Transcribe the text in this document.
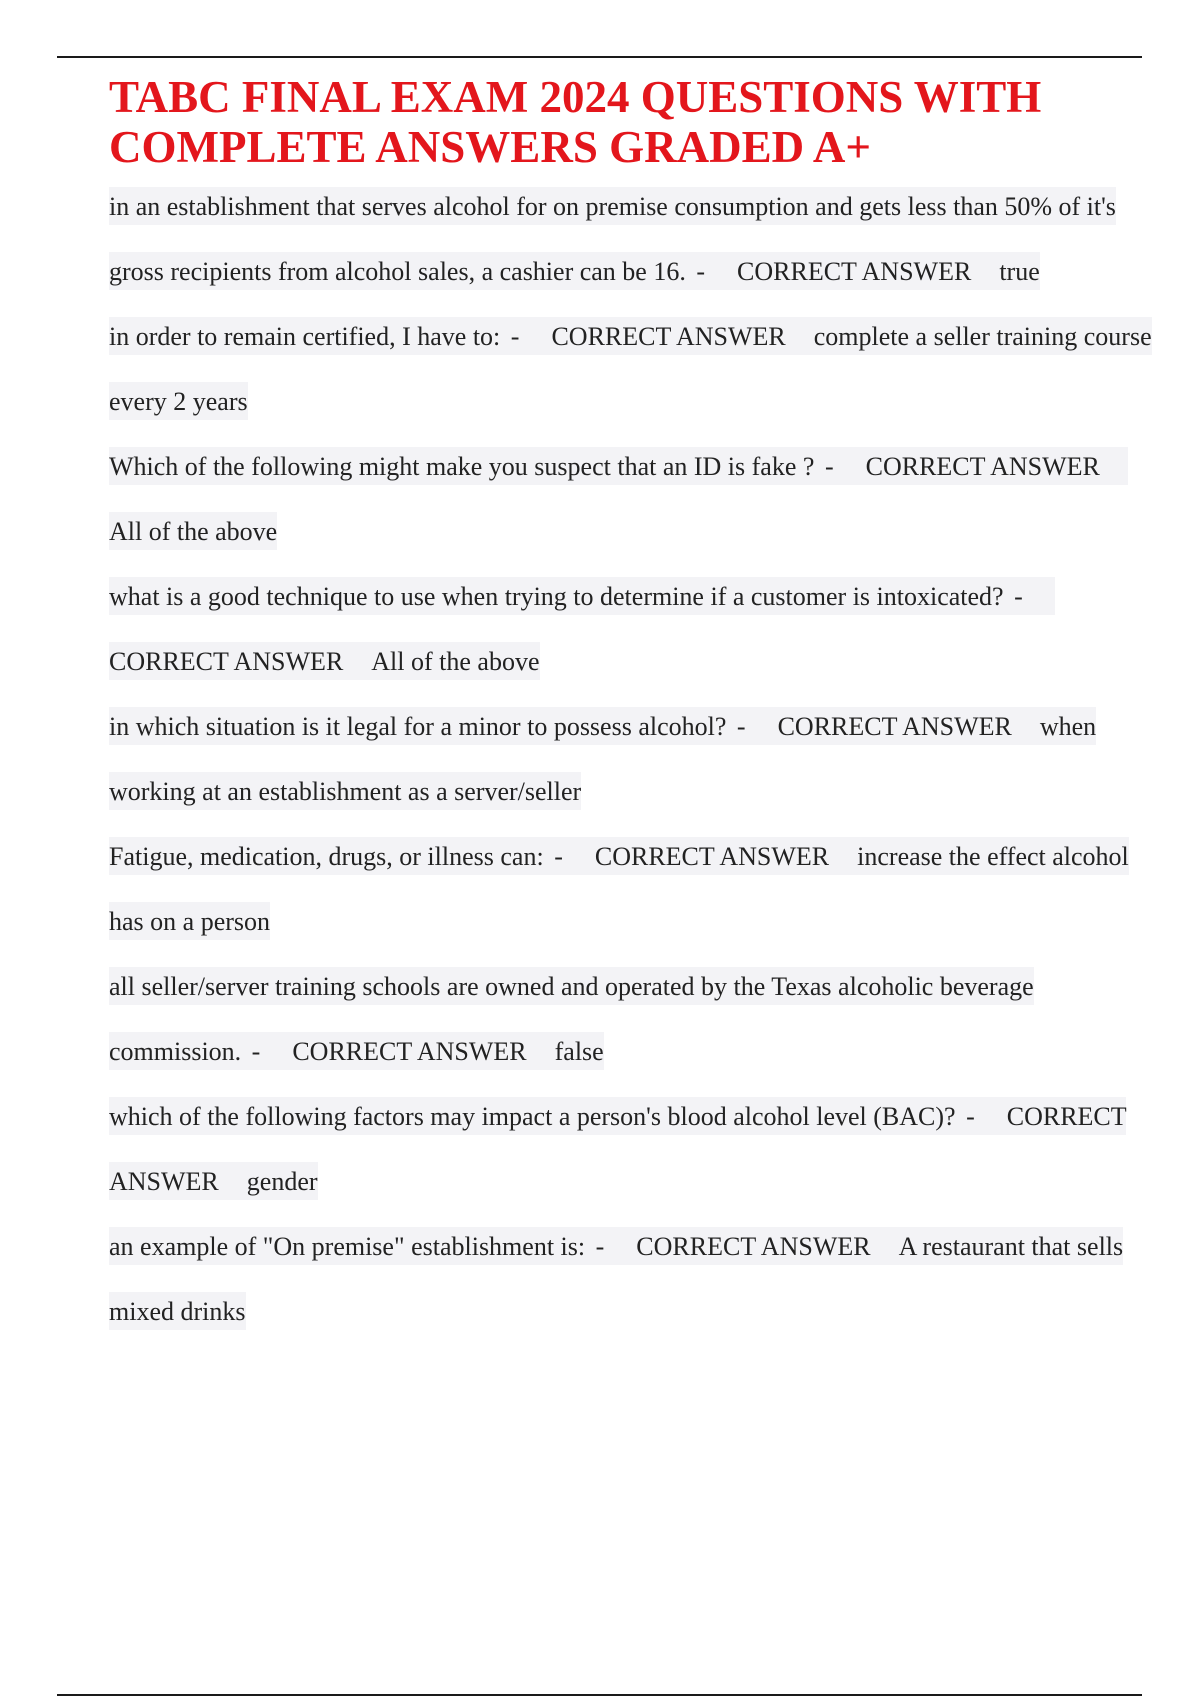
TABC FINAL EXAM 2024 QUESTIONS WITH COMPLETE ANSWERS GRADED A+
in an establishment that serves alcohol for on premise consumption and gets less than 50% of it's gross recipients from alcohol sales, a cashier can be 16. - CORRECT ANSWER true
in order to remain certified, I have to: - CORRECT ANSWER complete a seller training course every 2 years
Which of the following might make you suspect that an ID is fake ? - CORRECT ANSWERAll of the above
what is a good technique to use when trying to determine if a customer is intoxicated? -CORRECT ANSWER All of the above
in which situation is it legal for a minor to possess alcohol? - CORRECT ANSWER when working at an establishment as a server/seller
Fatigue, medication, drugs, or illness can: - CORRECT ANSWER increase the effect alcohol has on a person
all seller/server training schools are owned and operated by the Texas alcoholic beverage commission. - CORRECT ANSWER false
which of the following factors may impact a person's blood alcohol level (BAC)? - CORRECT ANSWER gender
an example of "On premise" establishment is: - CORRECT ANSWER A restaurant that sells mixed drinks
